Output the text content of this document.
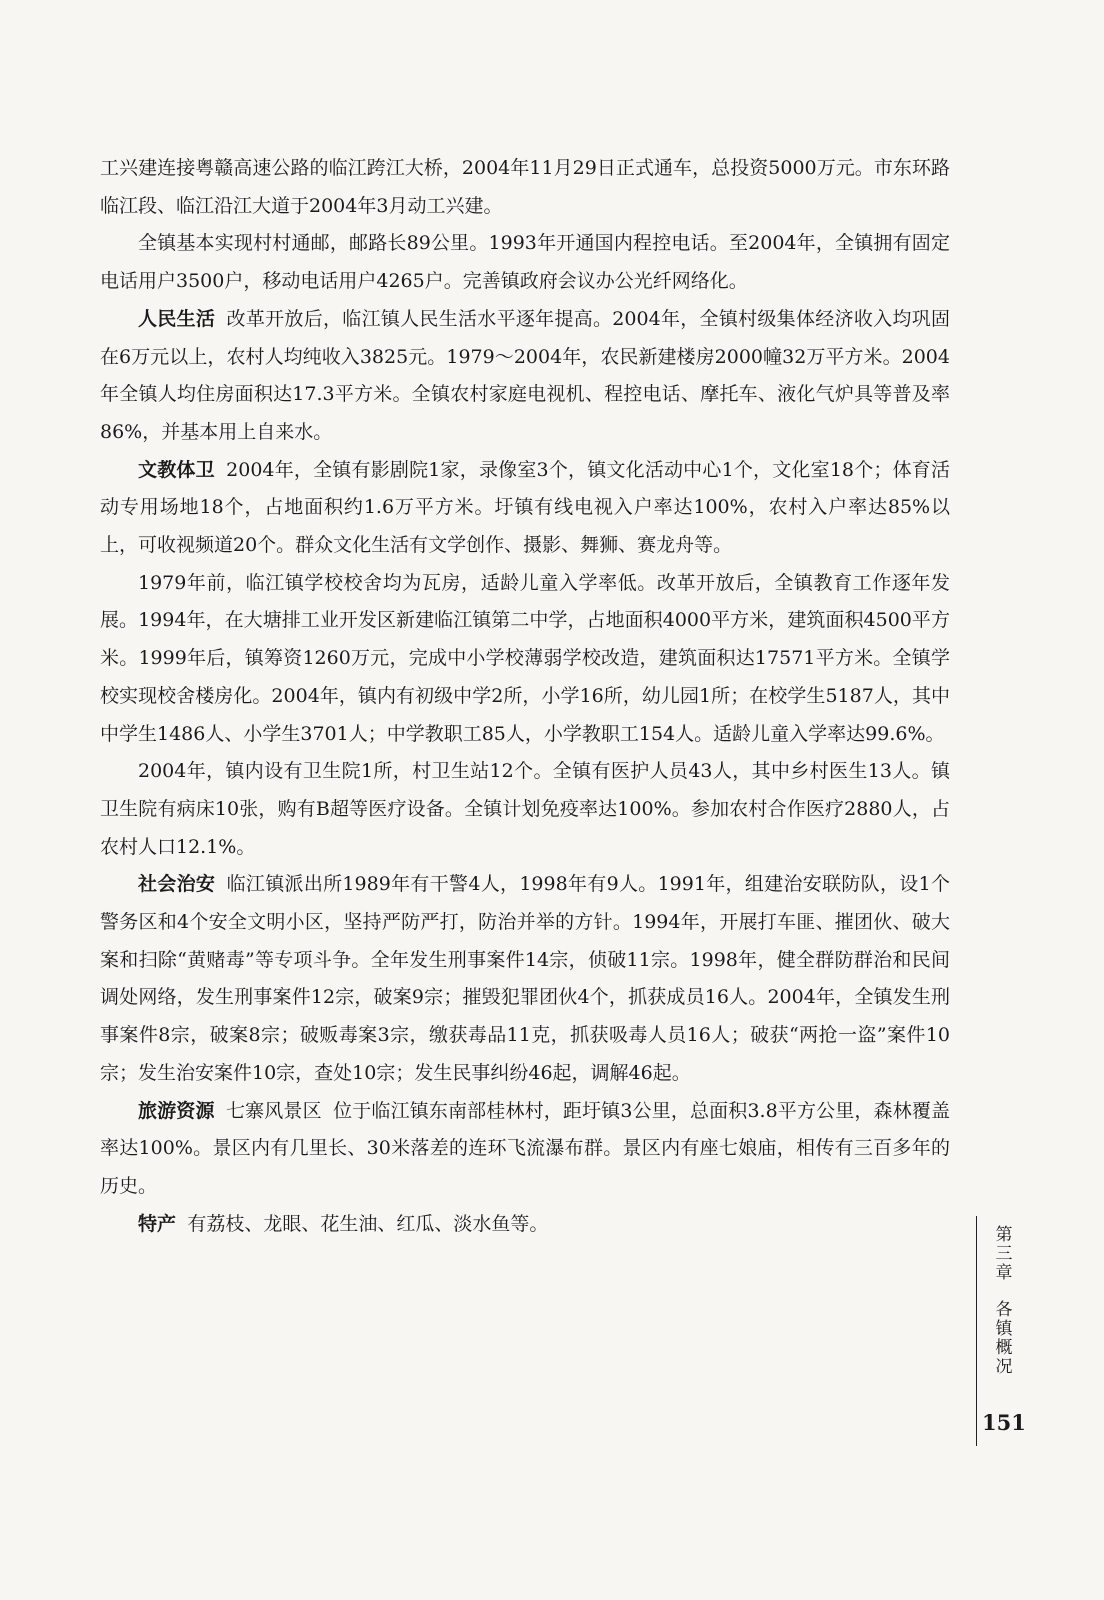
工兴建连接粤赣高速公路的临江跨江大桥，2004年11月29日正式通车，总投资5000万元。市东环路临江段、临江沿江大道于2004年3月动工兴建。

全镇基本实现村村通邮，邮路长89公里。1993年开通国内程控电话。至2004年，全镇拥有固定电话用户3500户，移动电话用户4265户。完善镇政府会议办公光纤网络化。

人民生活 改革开放后，临江镇人民生活水平逐年提高。2004年，全镇村级集体经济收入均巩固在6万元以上，农村人均纯收入3825元。1979～2004年，农民新建楼房2000幢32万平方米。2004年全镇人均住房面积达17.3平方米。全镇农村家庭电视机、程控电话、摩托车、液化气炉具等普及率86%，并基本用上自来水。

文教体卫 2004年，全镇有影剧院1家，录像室3个，镇文化活动中心1个，文化室18个；体育活动专用场地18个，占地面积约1.6万平方米。圩镇有线电视入户率达100%，农村入户率达85%以上，可收视频道20个。群众文化生活有文学创作、摄影、舞狮、赛龙舟等。

1979年前，临江镇学校校舍均为瓦房，适龄儿童入学率低。改革开放后，全镇教育工作逐年发展。1994年，在大塘排工业开发区新建临江镇第二中学，占地面积4000平方米，建筑面积4500平方米。1999年后，镇筹资1260万元，完成中小学校薄弱学校改造，建筑面积达17571平方米。全镇学校实现校舍楼房化。2004年，镇内有初级中学2所，小学16所，幼儿园1所；在校学生5187人，其中中学生1486人、小学生3701人；中学教职工85人，小学教职工154人。适龄儿童入学率达99.6%。

2004年，镇内设有卫生院1所，村卫生站12个。全镇有医护人员43人，其中乡村医生13人。镇卫生院有病床10张，购有B超等医疗设备。全镇计划免疫率达100%。参加农村合作医疗2880人，占农村人口12.1%。

社会治安 临江镇派出所1989年有干警4人，1998年有9人。1991年，组建治安联防队，设1个警务区和4个安全文明小区，坚持严防严打，防治并举的方针。1994年，开展打车匪、摧团伙、破大案和扫除“黄赌毒”等专项斗争。全年发生刑事案件14宗，侦破11宗。1998年，健全群防群治和民间调处网络，发生刑事案件12宗，破案9宗；摧毁犯罪团伙4个，抓获成员16人。2004年，全镇发生刑事案件8宗，破案8宗；破贩毒案3宗，缴获毒品11克，抓获吸毒人员16人；破获“两抢一盗”案件10宗；发生治安案件10宗，查处10宗；发生民事纠纷46起，调解46起。

旅游资源 七寨风景区 位于临江镇东南部桂林村，距圩镇3公里，总面积3.8平方公里，森林覆盖率达100%。景区内有几里长、30米落差的连环飞流瀑布群。景区内有座七娘庙，相传有三百多年的历史。

特产 有荔枝、龙眼、花生油、红瓜、淡水鱼等。

第
三
章
各
镇
概
况
151
